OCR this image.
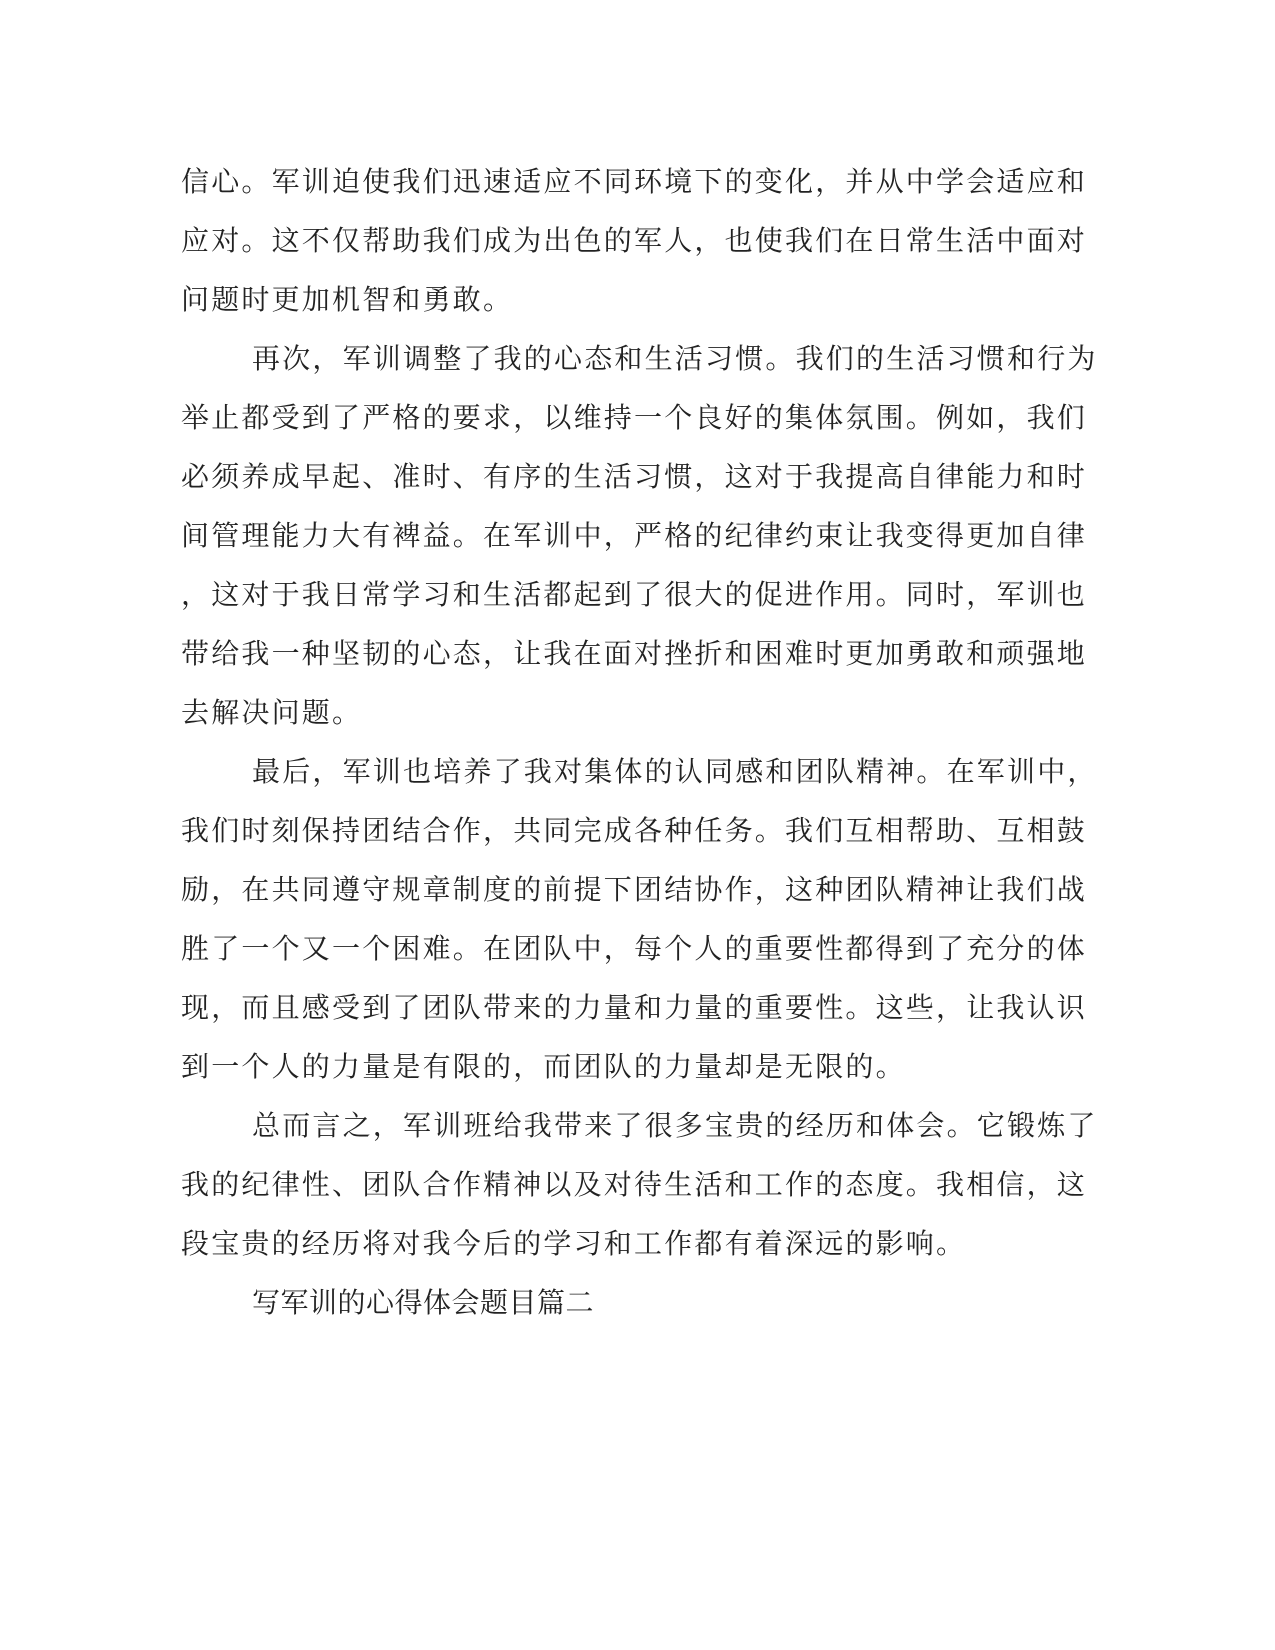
信心。军训迫使我们迅速适应不同环境下的变化，并从中学会适应和
应对。这不仅帮助我们成为出色的军人，也使我们在日常生活中面对
问题时更加机智和勇敢。
再次，军训调整了我的心态和生活习惯。我们的生活习惯和行为
举止都受到了严格的要求，以维持一个良好的集体氛围。例如，我们
必须养成早起、准时、有序的生活习惯，这对于我提高自律能力和时
间管理能力大有裨益。在军训中，严格的纪律约束让我变得更加自律
，这对于我日常学习和生活都起到了很大的促进作用。同时，军训也
带给我一种坚韧的心态，让我在面对挫折和困难时更加勇敢和顽强地
去解决问题。
最后，军训也培养了我对集体的认同感和团队精神。在军训中，
我们时刻保持团结合作，共同完成各种任务。我们互相帮助、互相鼓
励，在共同遵守规章制度的前提下团结协作，这种团队精神让我们战
胜了一个又一个困难。在团队中，每个人的重要性都得到了充分的体
现，而且感受到了团队带来的力量和力量的重要性。这些，让我认识
到一个人的力量是有限的，而团队的力量却是无限的。
总而言之，军训班给我带来了很多宝贵的经历和体会。它锻炼了
我的纪律性、团队合作精神以及对待生活和工作的态度。我相信，这
段宝贵的经历将对我今后的学习和工作都有着深远的影响。
写军训的心得体会题目篇二
